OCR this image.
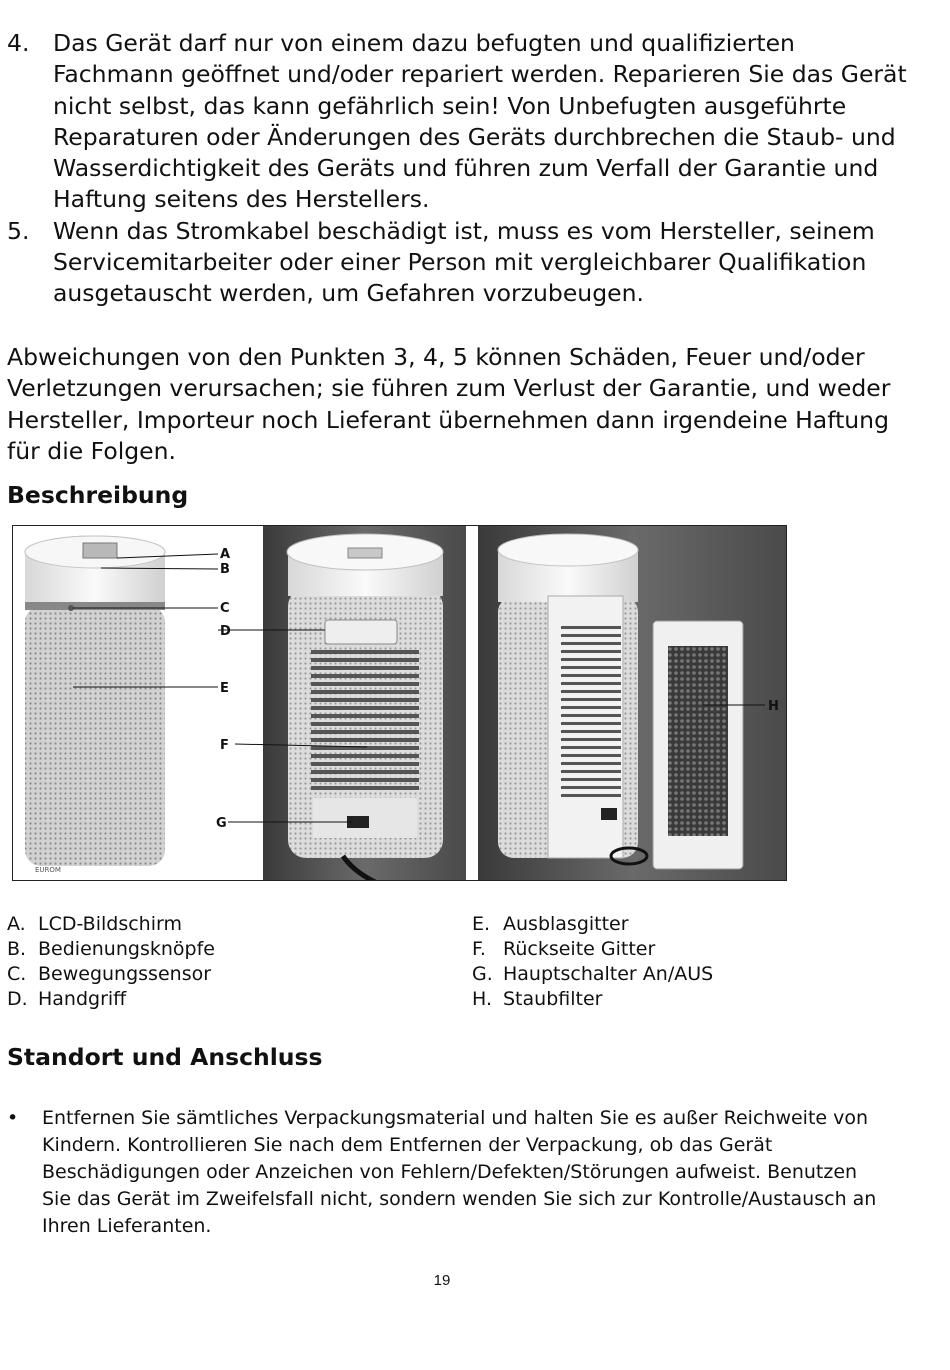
4. Das Gerät darf nur von einem dazu befugten und qualifizierten Fachmann geöffnet und/oder repariert werden. Reparieren Sie das Gerät nicht selbst, das kann gefährlich sein! Von Unbefugten ausgeführte Reparaturen oder Änderungen des Geräts durchbrechen die Staub- und Wasserdichtigkeit des Geräts und führen zum Verfall der Garantie und Haftung seitens des Herstellers.
5. Wenn das Stromkabel beschädigt ist, muss es vom Hersteller, seinem Servicemitarbeiter oder einer Person mit vergleichbarer Qualifikation ausgetauscht werden, um Gefahren vorzubeugen.
Abweichungen von den Punkten 3, 4, 5 können Schäden, Feuer und/oder Verletzungen verursachen; sie führen zum Verlust der Garantie, und weder Hersteller, Importeur noch Lieferant übernehmen dann irgendeine Haftung für die Folgen.
Beschreibung
EUROM
A
B
C
D
E
F
G
H
A. LCD-Bildschirm
B. Bedienungsknöpfe
C. Bewegungssensor
D. Handgriff
E. Ausblasgitter
F. Rückseite Gitter
G. Hauptschalter An/AUS
H. Staubfilter
Standort und Anschluss
• Entfernen Sie sämtliches Verpackungsmaterial und halten Sie es außer Reichweite von Kindern. Kontrollieren Sie nach dem Entfernen der Verpackung, ob das Gerät Beschädigungen oder Anzeichen von Fehlern/Defekten/Störungen aufweist. Benutzen Sie das Gerät im Zweifelsfall nicht, sondern wenden Sie sich zur Kontrolle/Austausch an Ihren Lieferanten.
19
